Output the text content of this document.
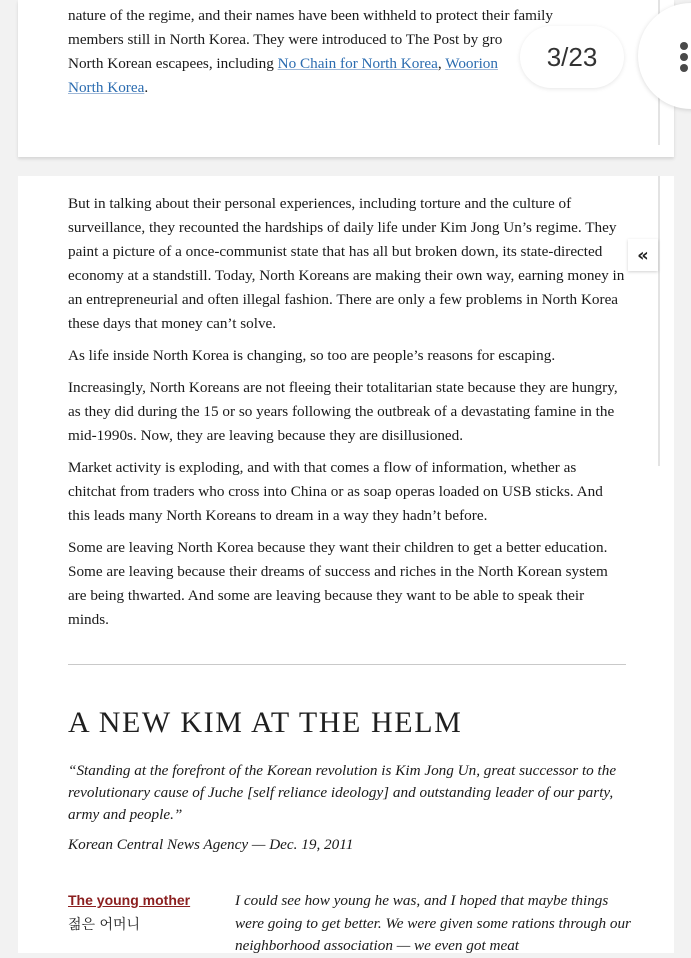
nature of the regime, and their names have been withheld to protect their family members still in North Korea. They were introduced to The Post by gro
North Korean escapees, including No Chain for North Korea, Woorion
North Korea.

But in talking about their personal experiences, including torture and the culture of surveillance, they recounted the hardships of daily life under Kim Jong Un’s regime. They paint a picture of a once-communist state that has all but broken down, its state-directed economy at a standstill. Today, North Koreans are making their own way, earning money in an entrepreneurial and often illegal fashion. There are only a few problems in North Korea these days that money can’t solve.

As life inside North Korea is changing, so too are people’s reasons for escaping.

Increasingly, North Koreans are not fleeing their totalitarian state because they are hungry, as they did during the 15 or so years following the outbreak of a devastating famine in the mid-1990s. Now, they are leaving because they are disillusioned.

Market activity is exploding, and with that comes a flow of information, whether as chitchat from traders who cross into China or as soap operas loaded on USB sticks. And this leads many North Koreans to dream in a way they hadn’t before.

Some are leaving North Korea because they want their children to get a better education. Some are leaving because their dreams of success and riches in the North Korean system are being thwarted. And some are leaving because they want to be able to speak their minds.

A NEW KIM AT THE HELM

“Standing at the forefront of the Korean revolution is Kim Jong Un, great successor to the revolutionary cause of Juche [self reliance ideology] and outstanding leader of our party, army and people.”

Korean Central News Agency — Dec. 19, 2011

The young mother
젊은 어머니

I could see how young he was, and I hoped that maybe things were going to get better. We were given some rations through our neighborhood association — we even got meat

3/23
«
